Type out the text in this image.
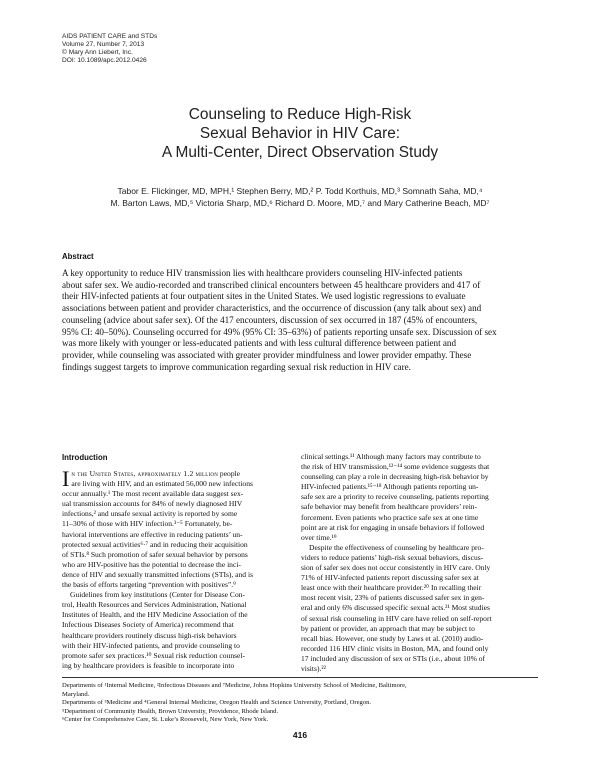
AIDS PATIENT CARE and STDs
Volume 27, Number 7, 2013
© Mary Ann Liebert, Inc.
DOI: 10.1089/apc.2012.0426
Counseling to Reduce High-Risk
Sexual Behavior in HIV Care:
A Multi-Center, Direct Observation Study
Tabor E. Flickinger, MD, MPH,¹ Stephen Berry, MD,² P. Todd Korthuis, MD,³ Somnath Saha, MD,⁴
M. Barton Laws, MD,⁵ Victoria Sharp, MD,⁶ Richard D. Moore, MD,⁷ and Mary Catherine Beach, MD⁷
Abstract
A key opportunity to reduce HIV transmission lies with healthcare providers counseling HIV-infected patients
about safer sex. We audio-recorded and transcribed clinical encounters between 45 healthcare providers and 417 of
their HIV-infected patients at four outpatient sites in the United States. We used logistic regressions to evaluate
associations between patient and provider characteristics, and the occurrence of discussion (any talk about sex) and
counseling (advice about safer sex). Of the 417 encounters, discussion of sex occurred in 187 (45% of encounters,
95% CI: 40–50%). Counseling occurred for 49% (95% CI: 35–63%) of patients reporting unsafe sex. Discussion of sex
was more likely with younger or less-educated patients and with less cultural difference between patient and
provider, while counseling was associated with greater provider mindfulness and lower provider empathy. These
findings suggest targets to improve communication regarding sexual risk reduction in HIV care.
Introduction
In the United States, approximately 1.2 million people
are living with HIV, and an estimated 56,000 new infections
occur annually.¹ The most recent available data suggest sex-
ual transmission accounts for 84% of newly diagnosed HIV
infections,² and unsafe sexual activity is reported by some
11–30% of those with HIV infection.³⁻⁵ Fortunately, be-
havioral interventions are effective in reducing patients’ un-
protected sexual activities⁶·⁷ and in reducing their acquisition
of STIs.⁸ Such promotion of safer sexual behavior by persons
who are HIV-positive has the potential to decrease the inci-
dence of HIV and sexually transmitted infections (STIs), and is
the basis of efforts targeting “prevention with positives”.⁹
Guidelines from key institutions (Center for Disease Con-
trol, Health Resources and Services Administration, National
Institutes of Health, and the HIV Medicine Association of the
Infectious Diseases Society of America) recommend that
healthcare providers routinely discuss high-risk behaviors
with their HIV-infected patients, and provide counseling to
promote safer sex practices.¹⁰ Sexual risk reduction counsel-
ing by healthcare providers is feasible to incorporate into
clinical settings.¹¹ Although many factors may contribute to
the risk of HIV transmission,¹²⁻¹⁴ some evidence suggests that
counseling can play a role in decreasing high-risk behavior by
HIV-infected patients.¹⁵⁻¹⁸ Although patients reporting un-
safe sex are a priority to receive counseling, patients reporting
safe behavior may benefit from healthcare providers’ rein-
forcement. Even patients who practice safe sex at one time
point are at risk for engaging in unsafe behaviors if followed
over time.¹⁹
Despite the effectiveness of counseling by healthcare pro-
viders to reduce patients’ high-risk sexual behaviors, discus-
sion of safer sex does not occur consistently in HIV care. Only
71% of HIV-infected patients report discussing safer sex at
least once with their healthcare provider.²⁰ In recalling their
most recent visit, 23% of patients discussed safer sex in gen-
eral and only 6% discussed specific sexual acts.²¹ Most studies
of sexual risk counseling in HIV care have relied on self-report
by patient or provider, an approach that may be subject to
recall bias. However, one study by Laws et al. (2010) audio-
recorded 116 HIV clinic visits in Boston, MA, and found only
17 included any discussion of sex or STIs (i.e., about 10% of
visits).²²
Departments of ¹Internal Medicine, ²Infectious Diseases and ⁷Medicine, Johns Hopkins University School of Medicine, Baltimore,
Maryland.
Departments of ³Medicine and ⁴General Internal Medicine, Oregon Health and Science University, Portland, Oregon.
⁵Department of Community Health, Brown University, Providence, Rhode Island.
⁶Center for Comprehensive Care, St. Luke’s Roosevelt, New York, New York.
416
